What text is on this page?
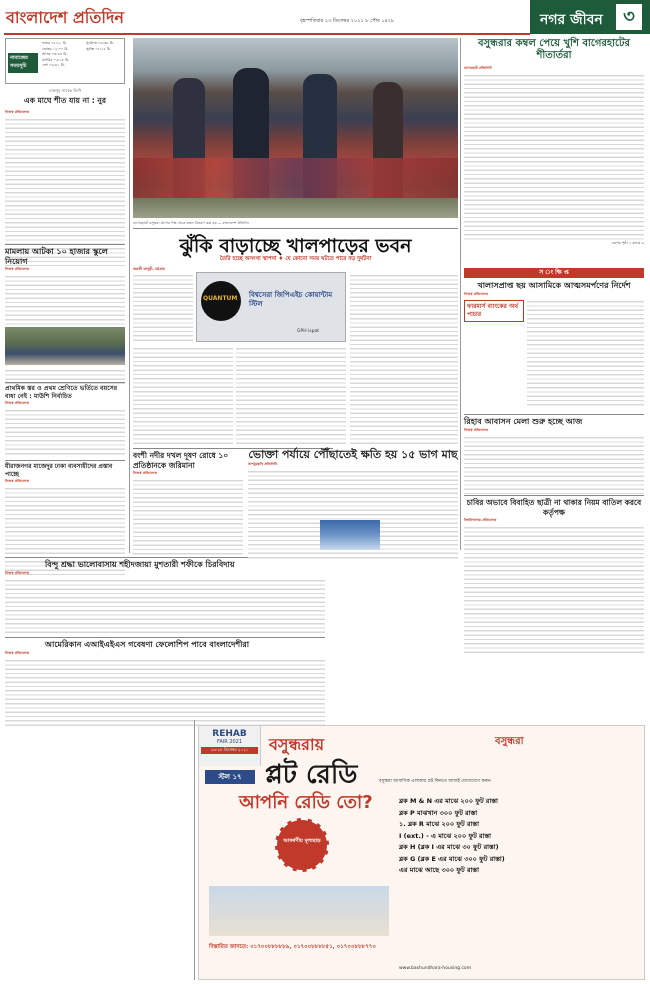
বাংলাদেশ প্রতিদিন	বৃহস্পতিবার ২৩ ডিসেম্বর ২০২১ ৮ পৌষ ১৪২৮	নগর জীবন	৩
নামাজের সময়সূচি
ফজর ০৫:২১ মি.
জোহর ১২:০০ মি.
আসর ০৩:৪৪ মি.
মাগরিব ০৫:১৮ মি.
এশা ০৬:৪১ মি.
সূর্যোদয় ০৬:৩৮ মি.
সূর্যাস্ত ০৫:১৫ মি.
ডাকসুর সাবেক ভিপি
এক মাঘে শীত যায় না : নুর
নিজস্ব প্রতিবেদক
মামলায় আটকা ১০ হাজার স্কুলে নিয়োগ
নিজস্ব প্রতিবেদক
প্রাথমিক স্তর ও প্রথম শ্রেণিতে ভর্তিতে বয়সের বাধা নেই : মাউশি নির্বাচিত
নিজস্ব প্রতিবেদক
যীরাজনগর মাজেদুর ঢাকা ব্যবসায়ীদের প্রস্তাব পাচ্ছে
নিজস্ব প্রতিবেদক
বিন্দু শ্রদ্ধা ভালোবাসায় শহীদজায়া মুশতারী শফীকে চিরবিদায়
নিজস্ব প্রতিবেদক
আমেরিকান এআইএইএস গবেষণা ফেলোশিপ পাবে বাংলাদেশীরা
নিজস্ব প্রতিবেদক
বাগেরহাটে বসুন্ধরা গ্রুপের পক্ষ থেকে কম্বল বিতরণ করা হয় — বাংলাদেশ প্রতিদিন
বসুন্ধরার কম্বল পেয়ে খুশি বাগেরহাটের শীতার্তরা
বাগেরহাট প্রতিনিধি
এরপর পৃষ্ঠা ২ কলাম ৬
ঝুঁকি বাড়াচ্ছে খালপাড়ের ভবন
তৈরি হচ্ছে অসংখ্য স্থাপনা ♦ যে কোনো সময় ঘটতে পারে বড় দুর্ঘটনা
জয়শ্রী ভাদুড়ী, চট্টগ্রাম
QUANTUM বিশ্বসেরা জিপিএইচ কোয়ান্টাম স্টিল
GPH ispat
বংশী নদীর দখল দূষণ রোধে ১০ প্রতিষ্ঠানকে জরিমানা
নিজস্ব প্রতিবেদক
ভোক্তা পর্যায়ে পৌঁছাতেই ক্ষতি হয় ১৫ ভাগ মাছ
বশেমুরকৃবি প্রতিনিধি
স ং ক্ষি প্ত
খালাসপ্রাপ্ত ছয় আসামিকে আত্মসমর্পণের নির্দেশ
নিজস্ব প্রতিবেদক
ফারমার্স ব্যাংকের অর্থ পাচার
রিহাব আবাসন মেলা শুরু হচ্ছে আজ
নিজস্ব প্রতিবেদক
চাবির অভাবে বিবাহিত ছাত্রী না থাকার নিয়ম বাতিল করবে কর্তৃপক্ষ
বিশ্ববিদ্যালয় প্রতিবেদক
REHAB
FAIR 2021
২৩-২৮ ডিসেম্বর ২০২১
স্টল ১৭
বসুন্ধরায়
প্লট রেডি
আপনি রেডি তো?
আকর্ষণীয় মূল্যছাড়
বসুন্ধরা
বসুন্ধরা আবাসিক এলাকার প্লট কিনতে আজই যোগাযোগ করুন
ব্লক M & N এর মাঝে ২০০ ফুট রাস্তা
ব্লক P মাঝখান ৩০০ ফুট রাস্তা
১. ব্লক R মাঝে ২০০ ফুট রাস্তা
I (ext.) - এ মাঝে ২০০ ফুট রাস্তা
ব্লক H (ব্লক I এর মাঝে ৩০ ফুট রাস্তা)
ব্লক G (ব্লক E এর মাঝে ৩০০ ফুট রাস্তা)
এর মাঝে আছে ৩০০ ফুট রাস্তা
বিস্তারিত জানতে: ০১৭০০৮৮৮৮৮৯, ০১৭০০৮৮৮৮৫১, ০১৭০০৮৮৮৭৭০
www.bashundhara-housing.com
